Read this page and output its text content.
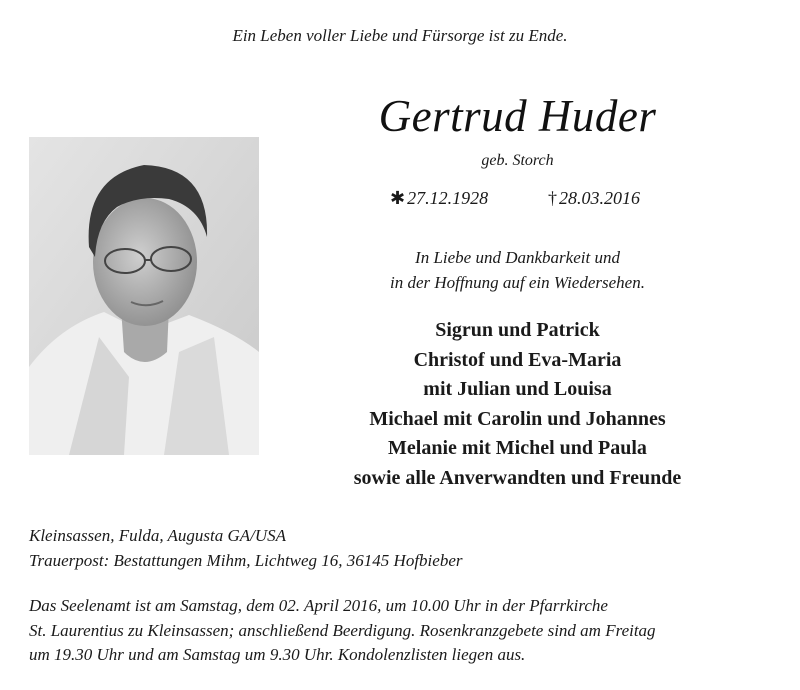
Ein Leben voller Liebe und Fürsorge ist zu Ende.
Gertrud Huder
geb. Storch
✱ 27.12.1928	† 28.03.2016
In Liebe und Dankbarkeit und
in der Hoffnung auf ein Wiedersehen.
Sigrun und Patrick
Christof und Eva-Maria
mit Julian und Louisa
Michael mit Carolin und Johannes
Melanie mit Michel und Paula
sowie alle Anverwandten und Freunde
Kleinsassen, Fulda, Augusta GA/USA
Trauerpost: Bestattungen Mihm, Lichtweg 16, 36145 Hofbieber
Das Seelenamt ist am Samstag, dem 02. April 2016, um 10.00 Uhr in der Pfarrkirche
St. Laurentius zu Kleinsassen; anschließend Beerdigung. Rosenkranzgebete sind am Freitag
um 19.30 Uhr und am Samstag um 9.30 Uhr. Kondolenzlisten liegen aus.
